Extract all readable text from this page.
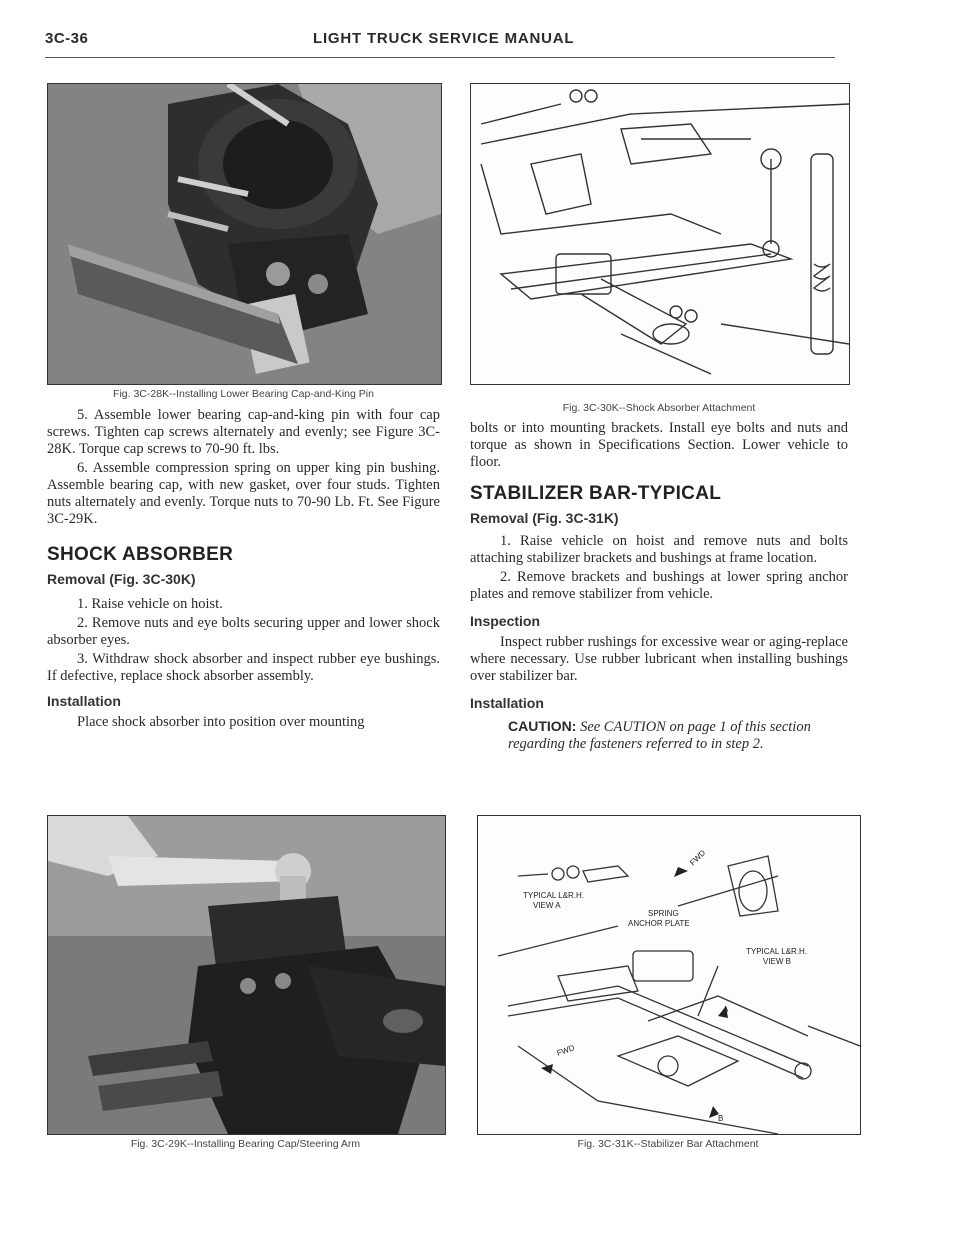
3C-36	LIGHT TRUCK SERVICE MANUAL
Fig. 3C-28K--Installing Lower Bearing Cap-and-King Pin
Fig. 3C-30K--Shock Absorber Attachment

5. Assemble lower bearing cap-and-king pin with four cap screws. Tighten cap screws alternately and evenly; see Figure 3C-28K. Torque cap screws to 70-90 ft. lbs.

6. Assemble compression spring on upper king pin bushing. Assemble bearing cap, with new gasket, over four studs. Tighten nuts alternately and evenly. Torque nuts to 70-90 Lb. Ft. See Figure 3C-29K.

SHOCK ABSORBER
Removal (Fig. 3C-30K)

1. Raise vehicle on hoist.

2. Remove nuts and eye bolts securing upper and lower shock absorber eyes.

3. Withdraw shock absorber and inspect rubber eye bushings. If defective, replace shock absorber assembly.

Installation

Place shock absorber into position over mounting

bolts or into mounting brackets. Install eye bolts and nuts and torque as shown in Specifications Section. Lower vehicle to floor.

STABILIZER BAR-TYPICAL
Removal (Fig. 3C-31K)

1. Raise vehicle on hoist and remove nuts and bolts attaching stabilizer brackets and bushings at frame location.

2. Remove brackets and bushings at lower spring anchor plates and remove stabilizer from vehicle.

Inspection

Inspect rubber rushings for excessive wear or aging-replace where necessary. Use rubber lubricant when installing bushings over stabilizer bar.

Installation

CAUTION: See CAUTION on page 1 of this section regarding the fasteners referred to in step 2.

Fig. 3C-29K--Installing Bearing Cap/Steering Arm
TYPICAL L&R.H.
VIEW A
SPRING
ANCHOR PLATE
TYPICAL L&R.H.
VIEW B
FWD
FWD
A
B
Fig. 3C-31K--Stabilizer Bar Attachment
